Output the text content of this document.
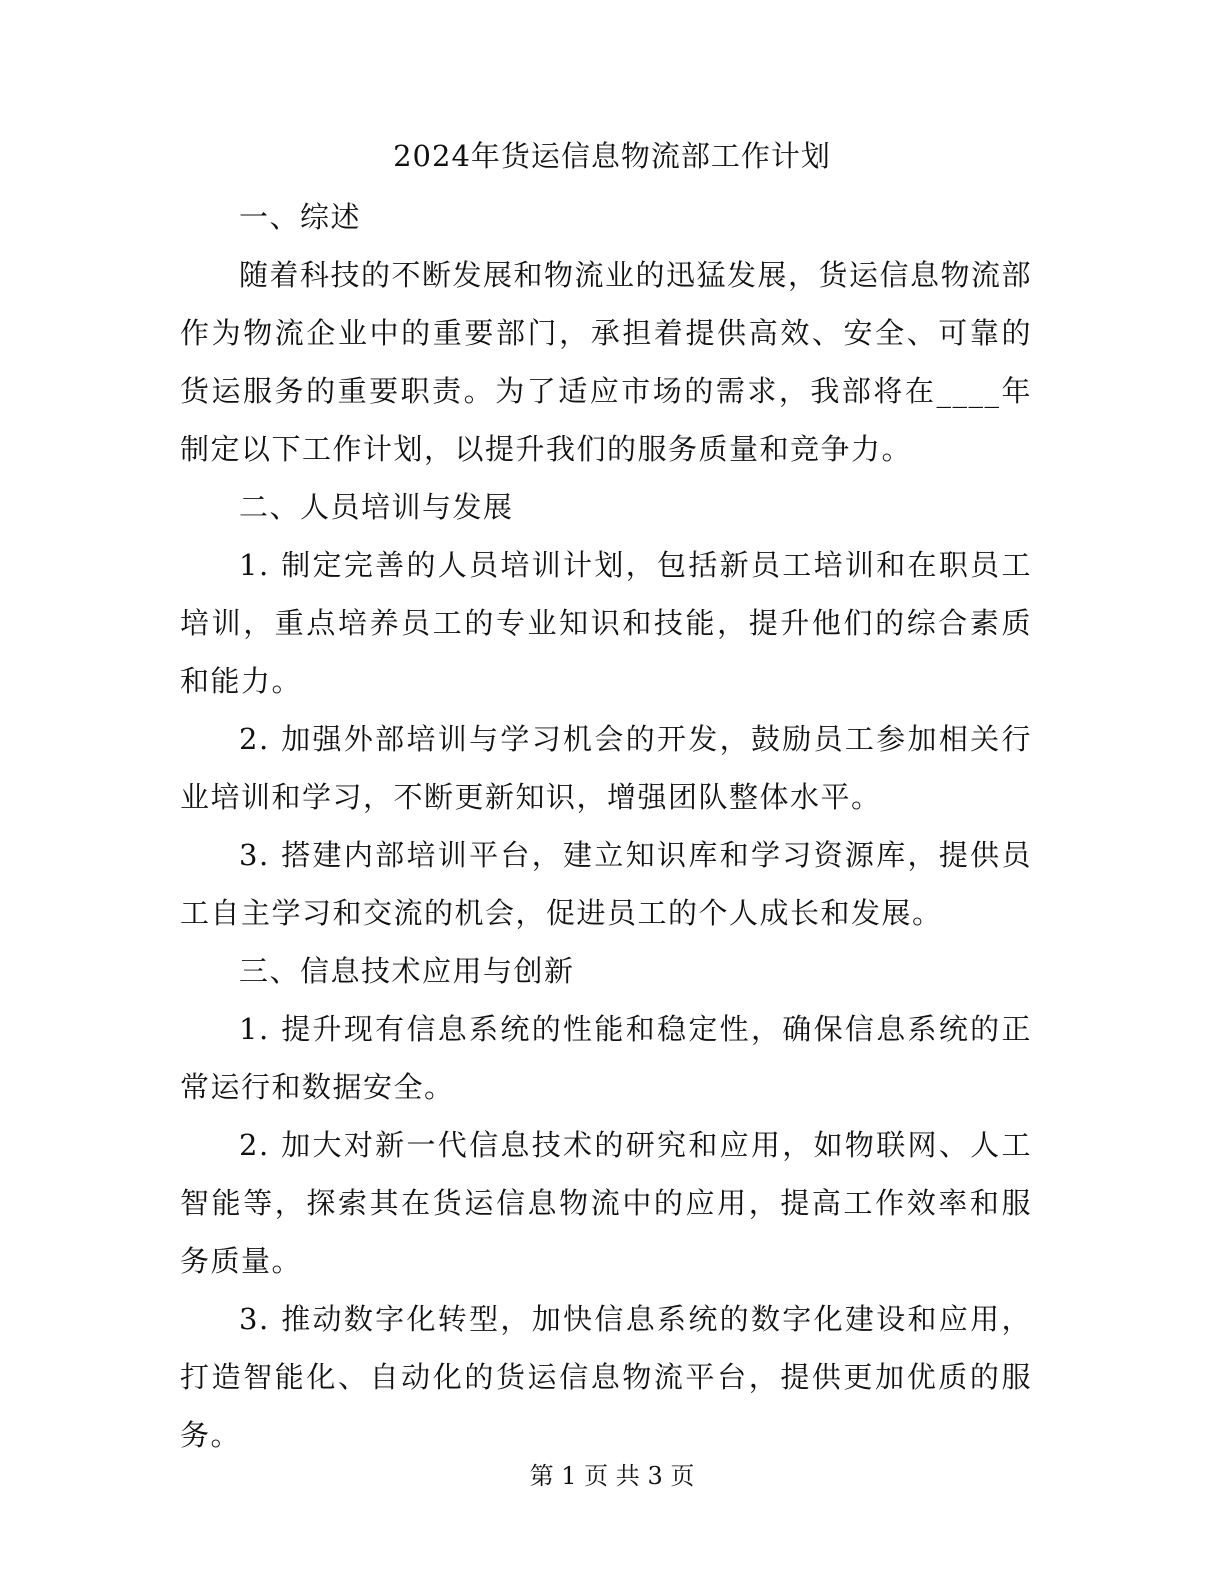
2024年货运信息物流部工作计划

一、综述

随着科技的不断发展和物流业的迅猛发展，货运信息物流部作为物流企业中的重要部门，承担着提供高效、安全、可靠的货运服务的重要职责。为了适应市场的需求，我部将在____年制定以下工作计划，以提升我们的服务质量和竞争力。

二、人员培训与发展

1. 制定完善的人员培训计划，包括新员工培训和在职员工培训，重点培养员工的专业知识和技能，提升他们的综合素质和能力。

2. 加强外部培训与学习机会的开发，鼓励员工参加相关行业培训和学习，不断更新知识，增强团队整体水平。

3. 搭建内部培训平台，建立知识库和学习资源库，提供员工自主学习和交流的机会，促进员工的个人成长和发展。

三、信息技术应用与创新

1. 提升现有信息系统的性能和稳定性，确保信息系统的正常运行和数据安全。

2. 加大对新一代信息技术的研究和应用，如物联网、人工智能等，探索其在货运信息物流中的应用，提高工作效率和服务质量。

3. 推动数字化转型，加快信息系统的数字化建设和应用，打造智能化、自动化的货运信息物流平台，提供更加优质的服务。

第 1 页 共 3 页
